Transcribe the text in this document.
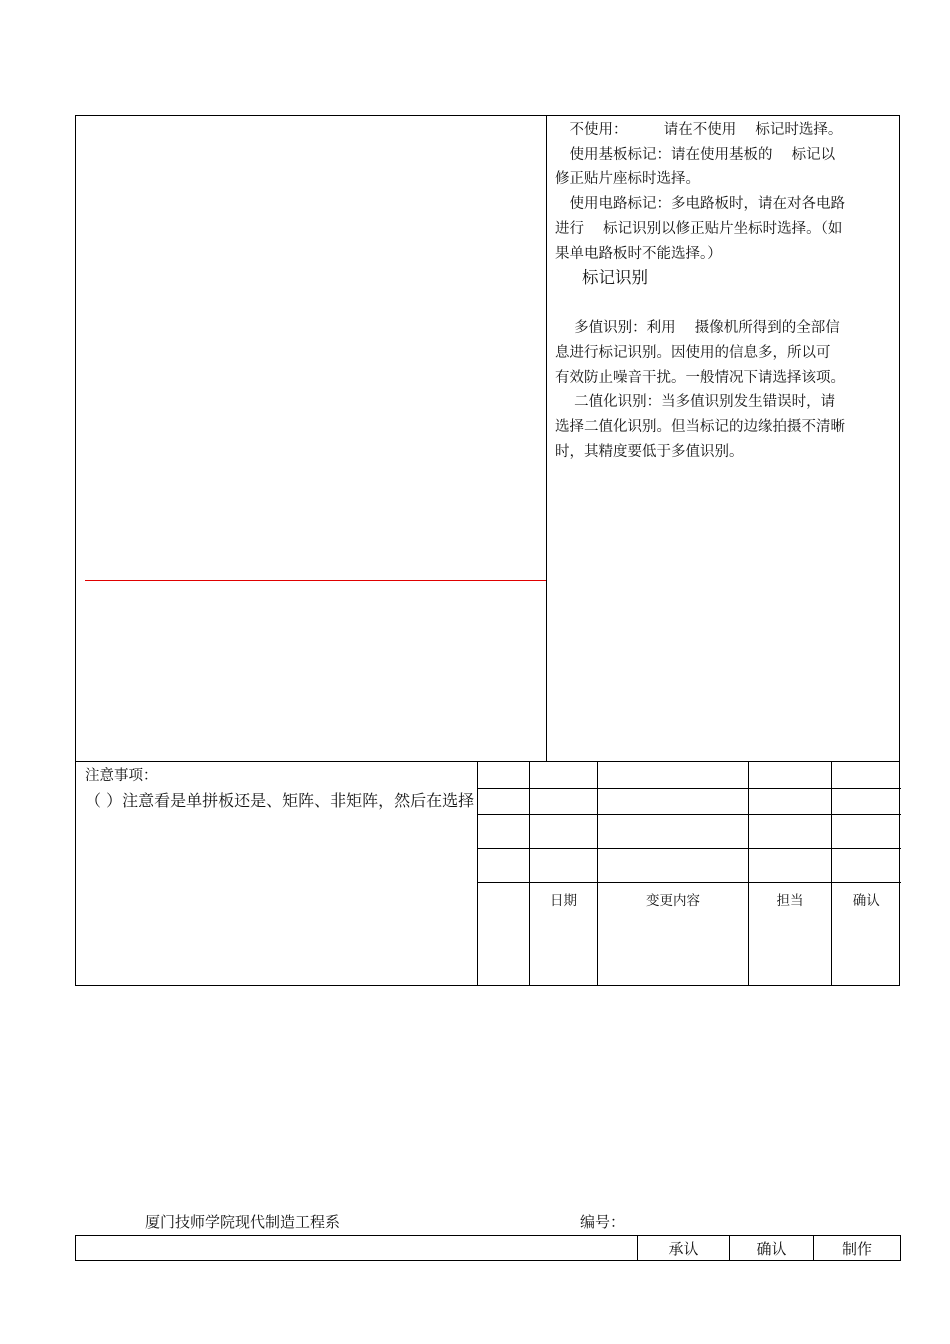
　不使用：　　　请在不使用　 标记时选择。

　使用基板标记：请在使用基板的　 标记以

修正贴片座标时选择。

　使用电路标记：多电路板时，请在对各电路

进行　 标记识别以修正贴片坐标时选择。（如

果单电路板时不能选择。）

标记识别

　 多值识别：利用　 摄像机所得到的全部信

息进行标记识别。因使用的信息多，所以可

有效防止噪音干扰。一般情况下请选择该项。

　 二值化识别：当多值识别发生错误时，请

选择二值化识别。但当标记的边缘拍摄不清晰

时，其精度要低于多值识别。

注意事项：
（ ）注意看是单拼板还是、矩阵、非矩阵，然后在选择

	日期	变更内容	担当	确认
厦门技师学院现代制造工程系	编号：
	承认	确认	制作
